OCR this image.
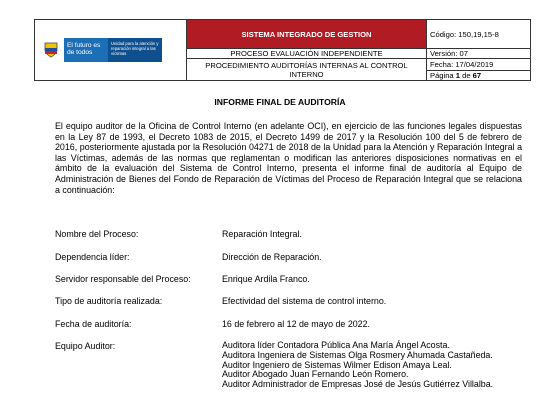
El futuro es de todos
Unidad para la atención y reparación integral a las víctimas	SISTEMA INTEGRADO DE GESTION	Código: 150,19,15-8
	PROCESO EVALUACIÓN INDEPENDIENTE	Versión: 07
	PROCEDIMIENTO AUDITORÍAS INTERNAS AL CONTROL INTERNO	Fecha: 17/04/2019
		Página 1 de 67
INFORME FINAL DE AUDITORÍA

El equipo auditor de la Oficina de Control Interno (en adelante OCI), en ejercicio de las funciones legales dispuestas en la Ley 87 de 1993, el Decreto 1083 de 2015, el Decreto 1499 de 2017 y la Resolución 100 del 5 de febrero de 2016, posteriormente ajustada por la Resolución 04271 de 2018 de la Unidad para la Atención y Reparación Integral a las Víctimas, además de las normas que reglamentan o modifican las anteriores disposiciones normativas en el ámbito de la evaluación del Sistema de Control Interno, presenta el informe final de auditoría al Equipo de Administración de Bienes del Fondo de Reparación de Víctimas del Proceso de Reparación Integral que se relaciona a continuación:

Nombre del Proceso:	Reparación Integral.
Dependencia líder:	Dirección de Reparación.
Servidor responsable del Proceso:	Enrique Ardila Franco.
Tipo de auditoría realizada:	Efectividad del sistema de control interno.
Fecha de auditoría:	16 de febrero al 12 de mayo de 2022.
Equipo Auditor:	Auditora líder Contadora Pública Ana María Ángel Acosta.
Auditora Ingeniera de Sistemas Olga Rosmery Ahumada Castañeda.
Auditor Ingeniero de Sistemas Wilmer Edison Amaya Leal.
Auditor Abogado Juan Fernando León Romero.
Auditor Administrador de Empresas José de Jesús Gutiérrez Villalba.
